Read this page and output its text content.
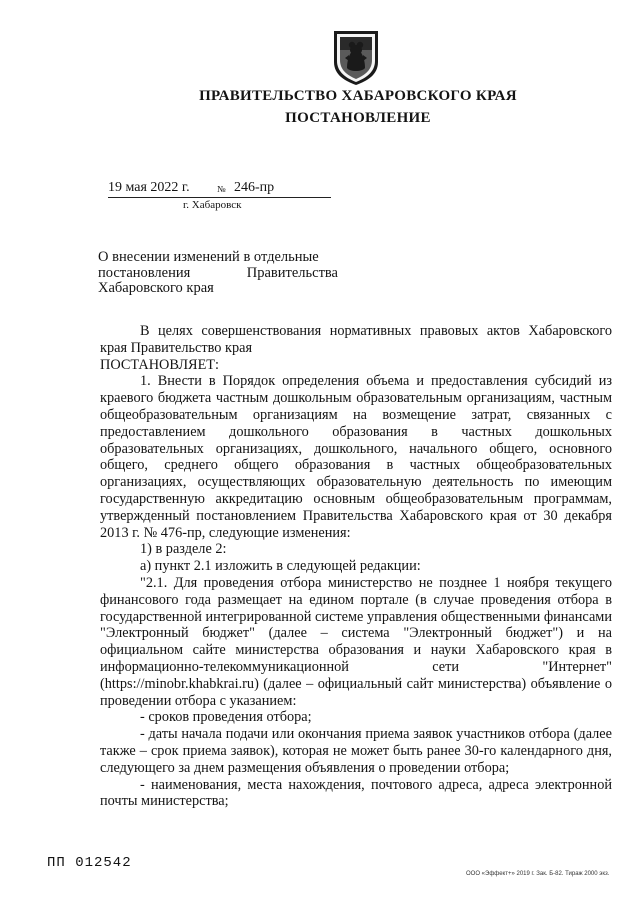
ПРАВИТЕЛЬСТВО ХАБАРОВСКОГО КРАЯ
ПОСТАНОВЛЕНИЕ
19 мая 2022 г.	№ 246-пр
г. Хабаровск
О внесении изменений в отдельные
постановления	Правительства
Хабаровского края

В целях совершенствования нормативных правовых актов Хабаровского края Правительство края

ПОСТАНОВЛЯЕТ:

1. Внести в Порядок определения объема и предоставления субсидий из краевого бюджета частным дошкольным образовательным организациям, частным общеобразовательным организациям на возмещение затрат, связанных с предоставлением дошкольного образования в частных дошкольных образовательных организациях, дошкольного, начального общего, основного общего, среднего общего образования в частных общеобразовательных организациях, осуществляющих образовательную деятельность по имеющим государственную аккредитацию основным общеобразовательным программам, утвержденный постановлением Правительства Хабаровского края от 30 декабря 2013 г. № 476-пр, следующие изменения:

1) в разделе 2:

а) пункт 2.1 изложить в следующей редакции:

"2.1. Для проведения отбора министерство не позднее 1 ноября текущего финансового года размещает на едином портале (в случае проведения отбора в государственной интегрированной системе управления общественными финансами "Электронный бюджет" (далее – система "Электронный бюджет") и на официальном сайте министерства образования и науки Хабаровского края в информационно-телекоммуникационной сети "Интернет" (https://minobr.khabkrai.ru) (далее – официальный сайт министерства) объявление о проведении отбора с указанием:

- сроков проведения отбора;

- даты начала подачи или окончания приема заявок участников отбора (далее также – срок приема заявок), которая не может быть ранее 30-го календарного дня, следующего за днем размещения объявления о проведении отбора;

- наименования, места нахождения, почтового адреса, адреса электронной почты министерства;

ПП 012542
ООО «Эффект+» 2019 г. Зак. Б-82. Тираж 2000 экз.
